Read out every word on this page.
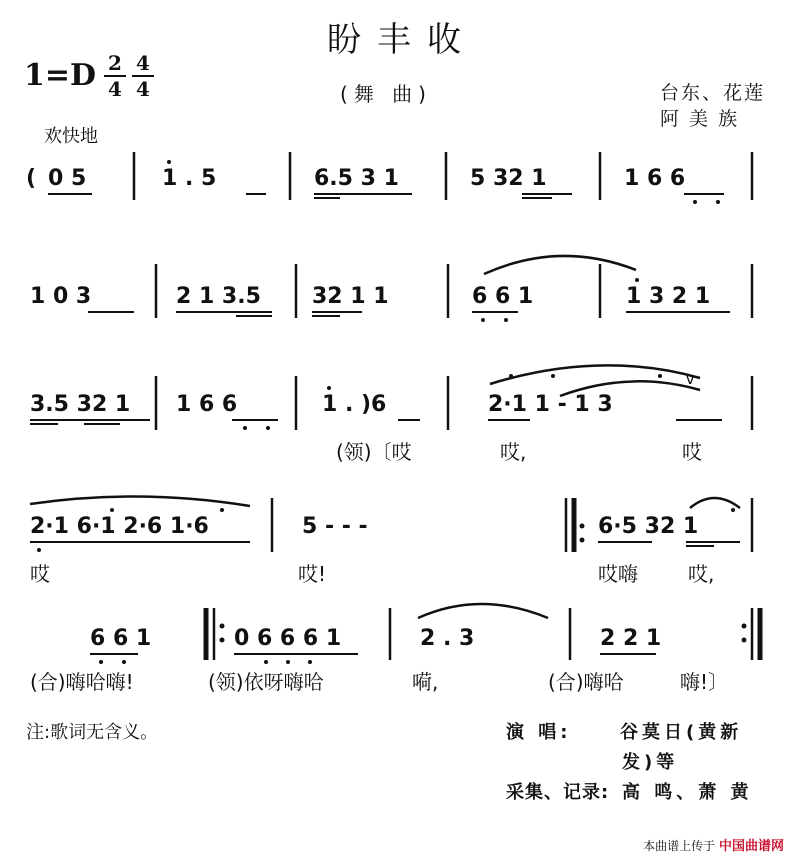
盼丰收
1=D 2
4
4
4	(舞 曲)	台东、花莲
阿 美 族
欢快地
( 0 5	1 . 5	6.5 3 1	5 32 1	1 6 6
1 0 3	2 1 3.5 32 1 1	6 6 1	1 3 2 1
3.5 32 1 1 6 6	1 . )6	2·1 1 - 1 3
(领)〔哎	哎,	哎
2·1 6·1 2·6 1·6	5 - - -	6·5 32 1
哎	哎!	哎嗨	哎,
6 6 1	0 6 6 6 1	2 . 3	2 2 1
(合)嗨哈嗨!	(领)依呀嗨哈	嗬,	(合)嗨哈	嗨!〕
v
注:歌词无含义。	演 唱:	谷莫日(黄新
发)等
采集、记录: 高 鸣、萧 黄
本曲谱上传于 中国曲谱网
